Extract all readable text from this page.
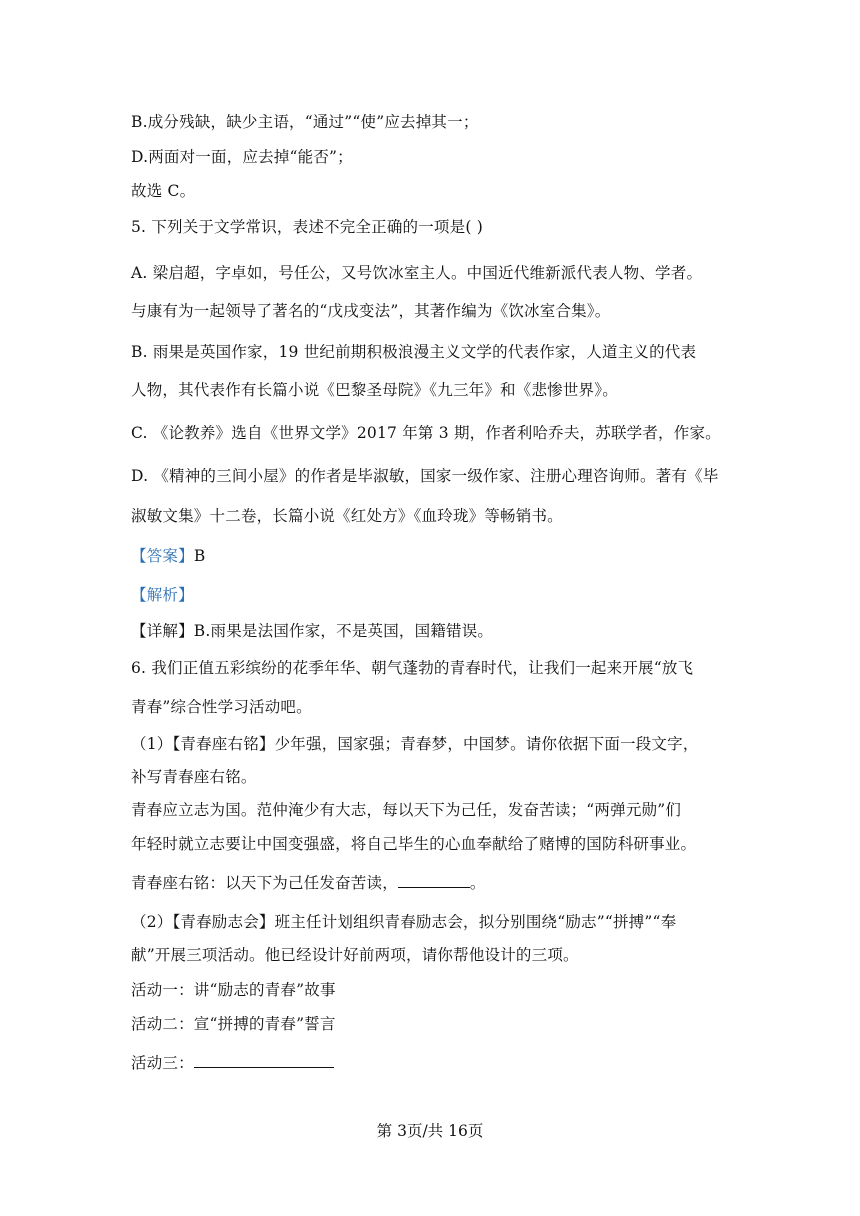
B.成分残缺，缺少主语，“通过”“使”应去掉其一；
D.两面对一面，应去掉“能否”；
故选 C。
5. 下列关于文学常识，表述不完全正确的一项是( )
A. 梁启超，字卓如，号任公，又号饮冰室主人。中国近代维新派代表人物、学者。
与康有为一起领导了著名的“戊戌变法”，其著作编为《饮冰室合集》。
B. 雨果是英国作家，19 世纪前期积极浪漫主义文学的代表作家，人道主义的代表
人物，其代表作有长篇小说《巴黎圣母院》《九三年》和《悲惨世界》。
C. 《论教养》选自《世界文学》2017 年第 3 期，作者利哈乔夫，苏联学者，作家。
D. 《精神的三间小屋》的作者是毕淑敏，国家一级作家、注册心理咨询师。著有《毕
淑敏文集》十二卷，长篇小说《红处方》《血玲珑》等畅销书。
【答案】B
【解析】
【详解】B.雨果是法国作家，不是英国，国籍错误。
6. 我们正值五彩缤纷的花季年华、朝气蓬勃的青春时代，让我们一起来开展“放飞
青春”综合性学习活动吧。
（1）【青春座右铭】少年强，国家强；青春梦，中国梦。请你依据下面一段文字，
补写青春座右铭。
青春应立志为国。范仲淹少有大志，每以天下为己任，发奋苦读；“两弹元勋”们
年轻时就立志要让中国变强盛，将自己毕生的心血奉献给了赌博的国防科研事业。
青春座右铭：以天下为己任发奋苦读，	。
（2）【青春励志会】班主任计划组织青春励志会，拟分别围绕“励志”“拼搏”“奉
献”开展三项活动。他已经设计好前两项，请你帮他设计的三项。
活动一：讲“励志的青春”故事
活动二：宣“拼搏的青春”誓言
活动三：
第 3页/共 16页
